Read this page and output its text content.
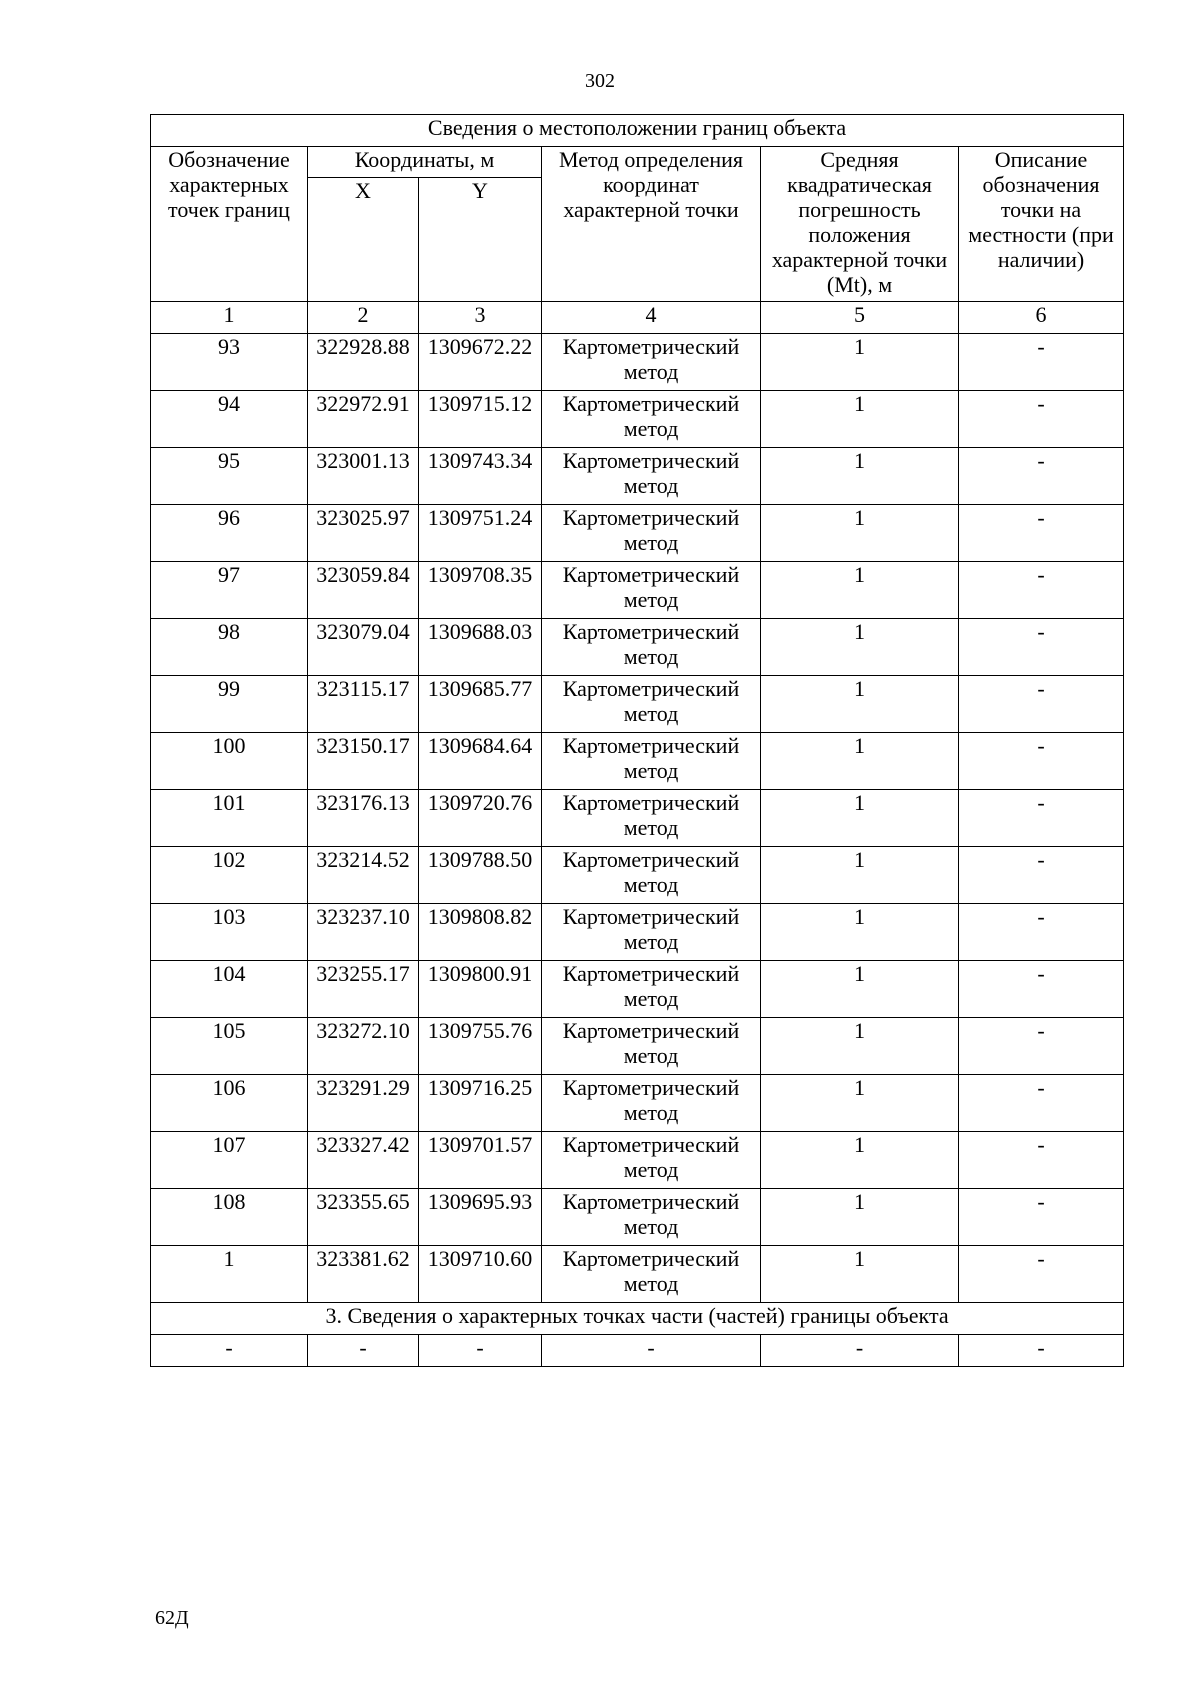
302
Сведения о местоположении границ объекта					
Обозначение характерных точек границ	Координаты, м		Метод определения координат характерной точки	Средняя квадратическая погрешность положения характерной точки (Mt), м	Описание обозначения точки на местности (при наличии)
	X	Y			
1	2	3	4	5	6
93	322928.88	1309672.22	Картометрический метод	1	-
94	322972.91	1309715.12	Картометрический метод	1	-
95	323001.13	1309743.34	Картометрический метод	1	-
96	323025.97	1309751.24	Картометрический метод	1	-
97	323059.84	1309708.35	Картометрический метод	1	-
98	323079.04	1309688.03	Картометрический метод	1	-
99	323115.17	1309685.77	Картометрический метод	1	-
100	323150.17	1309684.64	Картометрический метод	1	-
101	323176.13	1309720.76	Картометрический метод	1	-
102	323214.52	1309788.50	Картометрический метод	1	-
103	323237.10	1309808.82	Картометрический метод	1	-
104	323255.17	1309800.91	Картометрический метод	1	-
105	323272.10	1309755.76	Картометрический метод	1	-
106	323291.29	1309716.25	Картометрический метод	1	-
107	323327.42	1309701.57	Картометрический метод	1	-
108	323355.65	1309695.93	Картометрический метод	1	-
1	323381.62	1309710.60	Картометрический метод	1	-
3. Сведения о характерных точках части (частей) границы объекта					
-	-	-	-	-	-
62Д
